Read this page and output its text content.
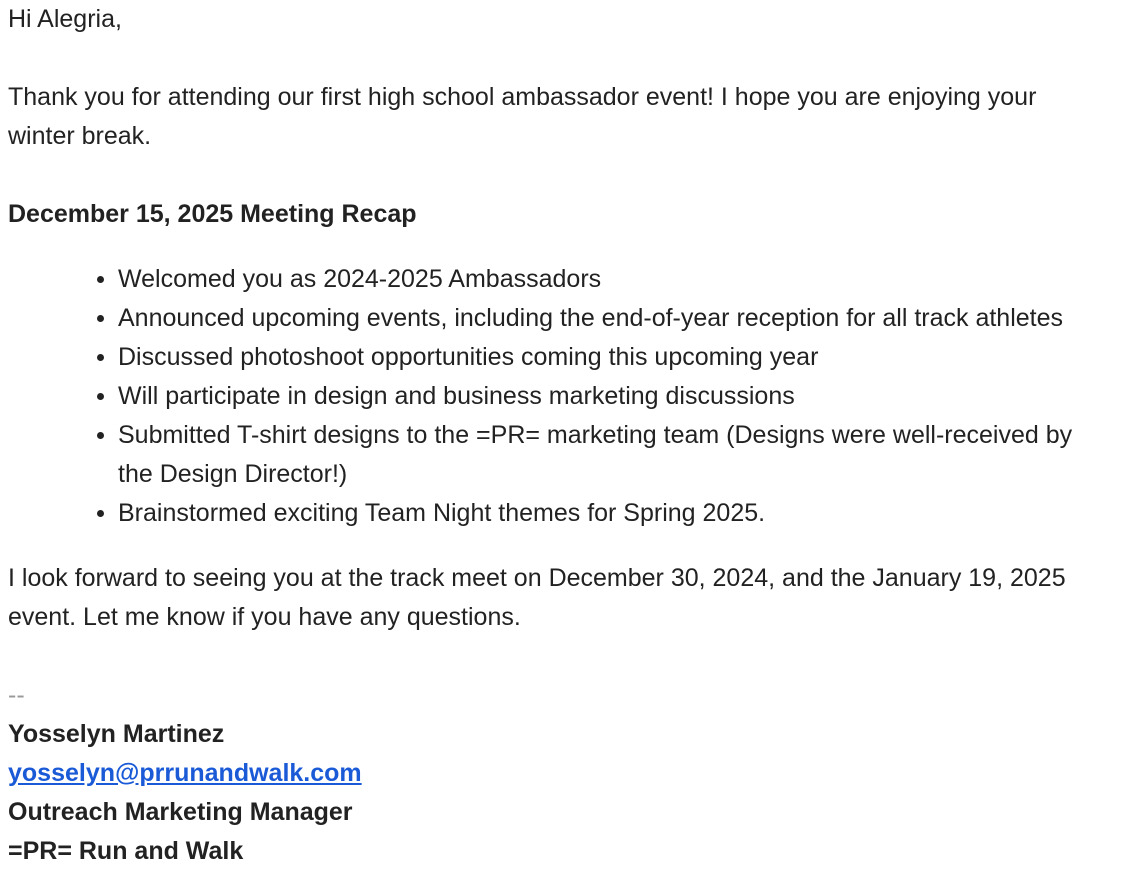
Hi Alegria,

Thank you for attending our first high school ambassador event! I hope you are enjoying your

winter break.

December 15, 2025 Meeting Recap

Welcomed you as 2024-2025 Ambassadors
Announced upcoming events, including the end-of-year reception for all track athletes
Discussed photoshoot opportunities coming this upcoming year
Will participate in design and business marketing discussions
Submitted T-shirt designs to the =PR= marketing team (Designs were well-received by
the Design Director!)
Brainstormed exciting Team Night themes for Spring 2025.

I look forward to seeing you at the track meet on December 30, 2024, and the January 19, 2025

event. Let me know if you have any questions.

--

Yosselyn Martinez

yosselyn@prrunandwalk.com

Outreach Marketing Manager

=PR= Run and Walk
